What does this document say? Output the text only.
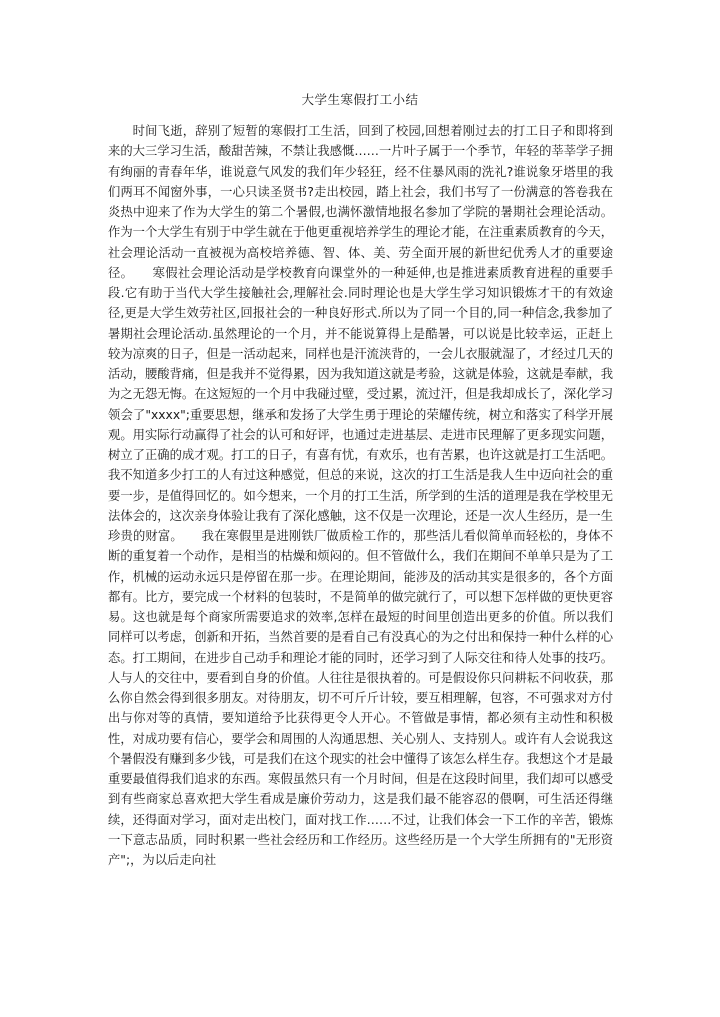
大学生寒假打工小结

时间飞逝，辞别了短暂的寒假打工生活，回到了校园,回想着刚过去的打工日子和即将到来的大三学习生活，酸甜苦辣，不禁让我感慨……一片叶子属于一个季节，年轻的莘莘学子拥有绚丽的青春年华，谁说意气风发的我们年少轻狂，经不住暴风雨的洗礼?谁说象牙塔里的我们两耳不闻窗外事，一心只读圣贤书?走出校园，踏上社会，我们书写了一份满意的答卷我在炎热中迎来了作为大学生的第二个暑假,也满怀激情地报名参加了学院的暑期社会理论活动。作为一个大学生有别于中学生就在于他更重视培养学生的理论才能，在注重素质教育的今天，社会理论活动一直被视为高校培养德、智、体、美、劳全面开展的新世纪优秀人才的重要途径。　　寒假社会理论活动是学校教育向课堂外的一种延伸,也是推进素质教育进程的重要手段.它有助于当代大学生接触社会,理解社会.同时理论也是大学生学习知识锻炼才干的有效途径,更是大学生效劳社区,回报社会的一种良好形式.所以为了同一个目的,同一种信念,我参加了暑期社会理论活动.虽然理论的一个月，并不能说算得上是酷暑，可以说是比较幸运，正赶上较为凉爽的日子，但是一活动起来，同样也是汗流浃背的，一会儿衣服就湿了，才经过几天的活动，腰酸背痛，但是我并不觉得累，因为我知道这就是考验，这就是体验，这就是奉献，我为之无怨无悔。在这短短的一个月中我碰过壁，受过累，流过汗，但是我却成长了，深化学习领会了"xxxx";重要思想，继承和发扬了大学生勇于理论的荣耀传统，树立和落实了科学开展观。用实际行动赢得了社会的认可和好评，也通过走进基层、走进市民理解了更多现实问题，树立了正确的成才观。打工的日子，有喜有忧，有欢乐，也有苦累，也许这就是打工生活吧。我不知道多少打工的人有过这种感觉，但总的来说，这次的打工生活是我人生中迈向社会的重要一步，是值得回忆的。如今想来，一个月的打工生活，所学到的生活的道理是我在学校里无法体会的，这次亲身体验让我有了深化感触，这不仅是一次理论，还是一次人生经历，是一生珍贵的财富。　　我在寒假里是进刚铁厂做质检工作的，那些活儿看似简单而轻松的，身体不断的重复着一个动作，是相当的枯燥和烦闷的。但不管做什么，我们在期间不单单只是为了工作，机械的运动永远只是停留在那一步。在理论期间，能涉及的活动其实是很多的，各个方面都有。比方，要完成一个材料的包装时，不是简单的做完就行了，可以想下怎样做的更快更容易。这也就是每个商家所需要追求的效率,怎样在最短的时间里创造出更多的价值。所以我们同样可以考虑，创新和开拓，当然首要的是看自己有没真心的为之付出和保持一种什么样的心态。打工期间，在进步自己动手和理论才能的同时，还学习到了人际交往和待人处事的技巧。人与人的交往中，要看到自身的价值。人往往是很执着的。可是假设你只问耕耘不问收获，那么你自然会得到很多朋友。对待朋友，切不可斤斤计较，要互相理解，包容，不可强求对方付出与你对等的真情，要知道给予比获得更令人开心。不管做是事情，都必须有主动性和积极性，对成功要有信心，要学会和周围的人沟通思想、关心别人、支持别人。或许有人会说我这个暑假没有赚到多少钱，可是我们在这个现实的社会中懂得了该怎么样生存。我想这个才是最重要最值得我们追求的东西。寒假虽然只有一个月时间，但是在这段时间里，我们却可以感受到有些商家总喜欢把大学生看成是廉价劳动力，这是我们最不能容忍的偎啊，可生活还得继续，还得面对学习，面对走出校门，面对找工作……不过，让我们体会一下工作的辛苦，锻炼一下意志品质，同时积累一些社会经历和工作经历。这些经历是一个大学生所拥有的"无形资产";，为以后走向社
